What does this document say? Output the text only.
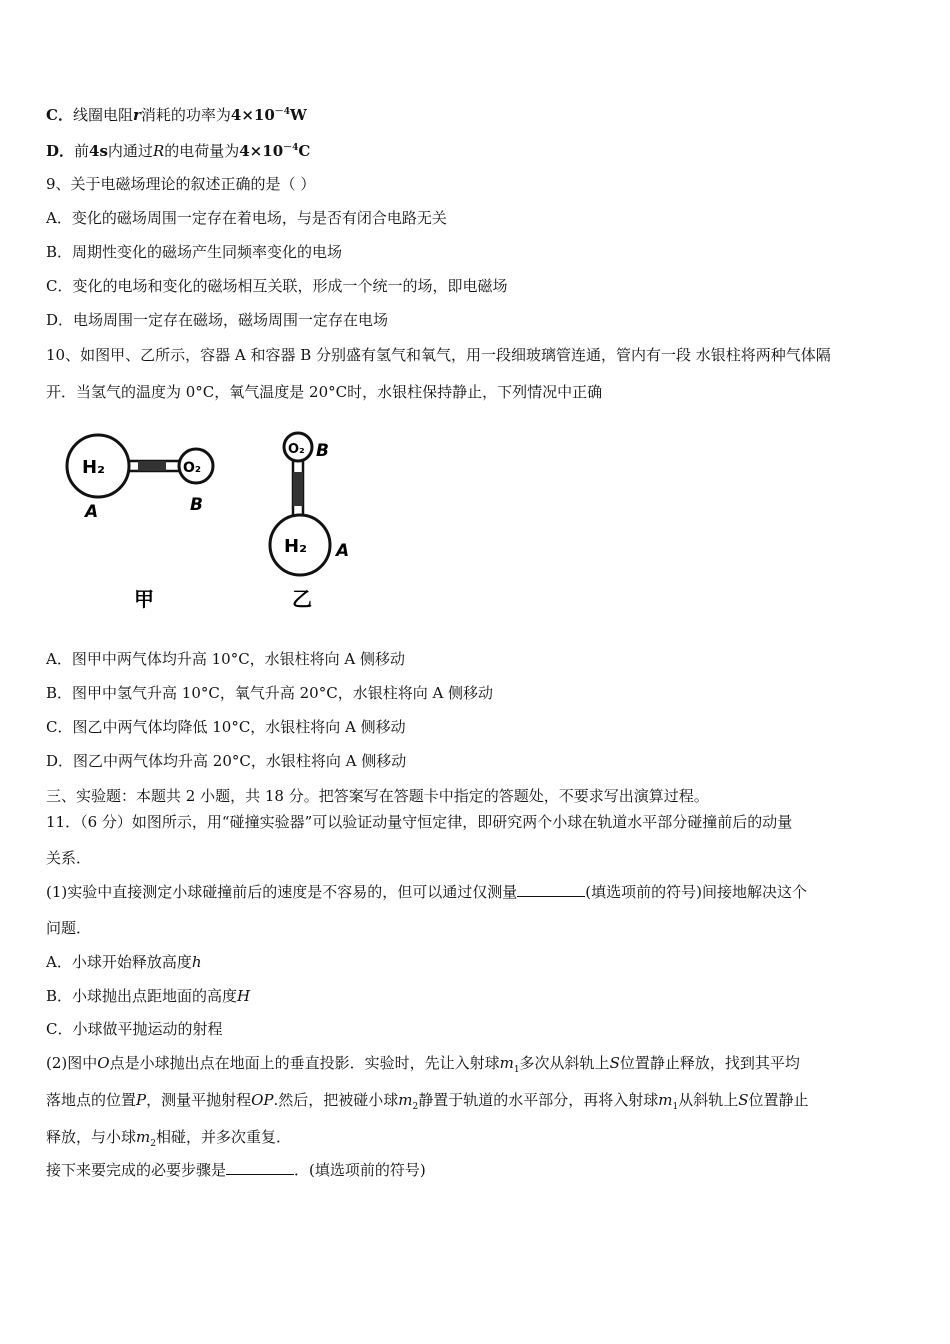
C．线圈电阻r消耗的功率为$4\times 10^{-4}W$
D．前4s内通过R的电荷量为$4\times 10^{-4}C$
9、关于电磁场理论的叙述正确的是（ ）
A．变化的磁场周围一定存在着电场，与是否有闭合电路无关
B．周期性变化的磁场产生同频率变化的电场
C．变化的电场和变化的磁场相互关联，形成一个统一的场，即电磁场
D．电场周围一定存在磁场，磁场周围一定存在电场
10、如图甲、乙所示，容器 A 和容器 B 分别盛有氢气和氧气，用一段细玻璃管连通，管内有一段 水银柱将两种气体隔
开．当氢气的温度为 0°C，氧气温度是 20°C时，水银柱保持静止，下列情况中正确
H₂	O₂
A	B
甲
O₂ B
H₂ A
乙
A．图甲中两气体均升高 10°C，水银柱将向 A 侧移动
B．图甲中氢气升高 10°C，氧气升高 20°C，水银柱将向 A 侧移动
C．图乙中两气体均降低 10°C，水银柱将向 A 侧移动
D．图乙中两气体均升高 20°C，水银柱将向 A 侧移动
三、实验题：本题共 2 小题，共 18 分。把答案写在答题卡中指定的答题处，不要求写出演算过程。
11．（6 分）如图所示，用“碰撞实验器”可以验证动量守恒定律，即研究两个小球在轨道水平部分碰撞前后的动量
关系．
(1)实验中直接测定小球碰撞前后的速度是不容易的，但可以通过仅测量	(填选项前的符号)间接地解决这个
问题．
A．小球开始释放高度h
B．小球抛出点距地面的高度H
C．小球做平抛运动的射程
(2)图中O点是小球抛出点在地面上的垂直投影．实验时，先让入射球$m_1$多次从斜轨上S位置静止释放，找到其平均
落地点的位置P，测量平抛射程OP.然后，把被碰小球$m_2$静置于轨道的水平部分，再将入射球$m_1$从斜轨上S位置静止
释放，与小球$m_2$相碰，并多次重复．
接下来要完成的必要步骤是	．(填选项前的符号)
